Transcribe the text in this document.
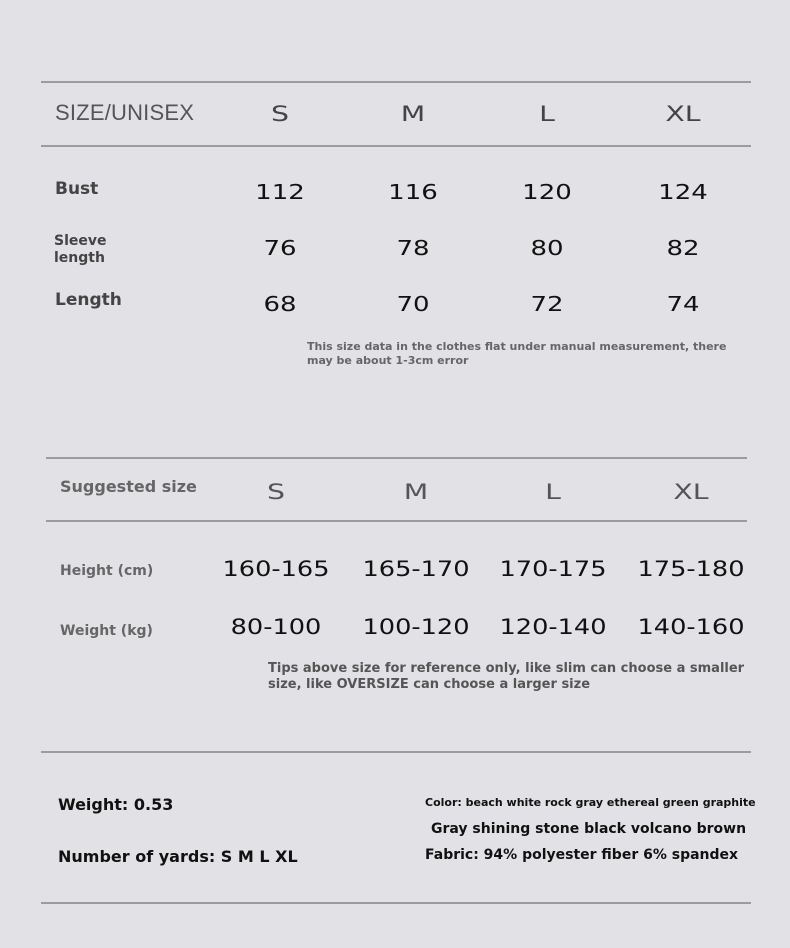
SIZE/UNISEX	S	M	L	XL
Bust	112	116	120	124
Sleeve
length	76	78	80	82
Length	68	70	72	74
This size data in the clothes flat under manual measurement, there may be about 1-3cm error
Suggested size	S	M	L	XL
Height (cm)	160-165	165-170	170-175	175-180
Weight (kg)	80-100	100-120	120-140	140-160
Tips above size for reference only, like slim can choose a smaller size, like OVERSIZE can choose a larger size
Weight: 0.53
Number of yards: S M L XL
Color: beach white rock gray ethereal green graphite
Gray shining stone black volcano brown
Fabric: 94% polyester fiber 6% spandex
